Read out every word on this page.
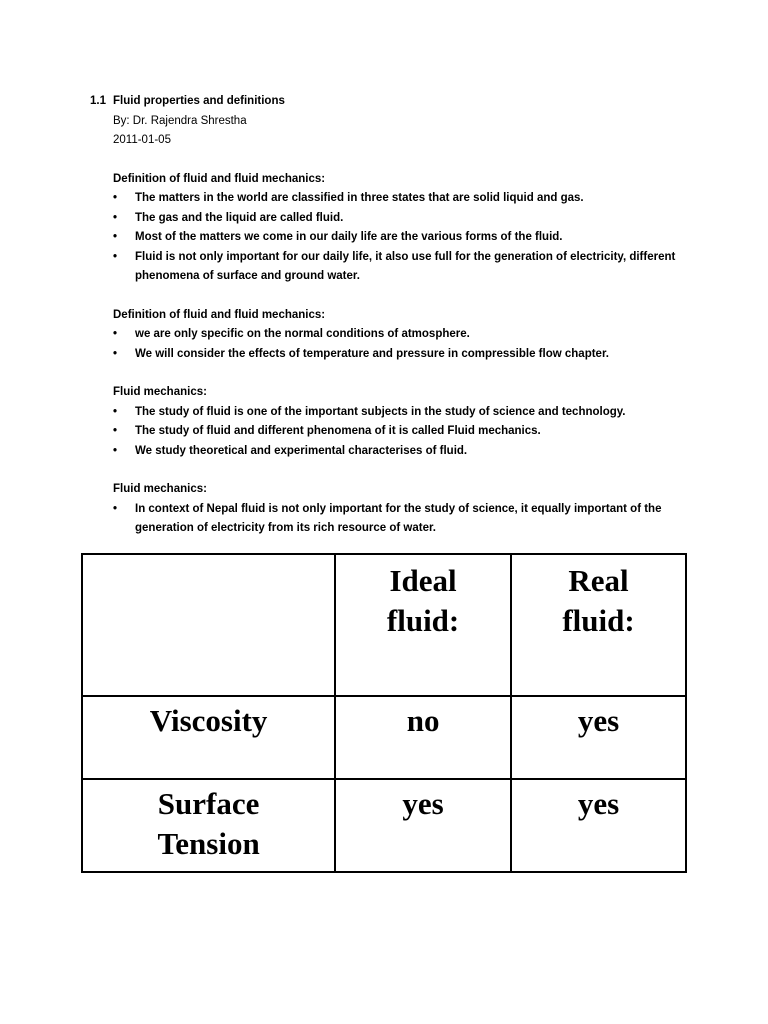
1.1 Fluid properties and definitions
By: Dr. Rajendra Shrestha
2011-01-05
Definition of fluid and fluid mechanics:
• The matters in the world are classified in three states that are solid liquid and gas.
• The gas and the liquid are called fluid.
• Most of the matters we come in our daily life are the various forms of the fluid.
• Fluid is not only important for our daily life, it also use full for the generation of electricity, different phenomena of surface and ground water.
Definition of fluid and fluid mechanics:
• we are only specific on the normal conditions of atmosphere.
• We will consider the effects of temperature and pressure in compressible flow chapter.
Fluid mechanics:
• The study of fluid is one of the important subjects in the study of science and technology.
• The study of fluid and different phenomena of it is called Fluid mechanics.
• We study theoretical and experimental characterises of fluid.
Fluid mechanics:
• In context of Nepal fluid is not only important for the study of science, it equally important of the generation of electricity from its rich resource of water.
	Ideal fluid:	Real fluid:
Viscosity	no	yes
Surface Tension	yes	yes
